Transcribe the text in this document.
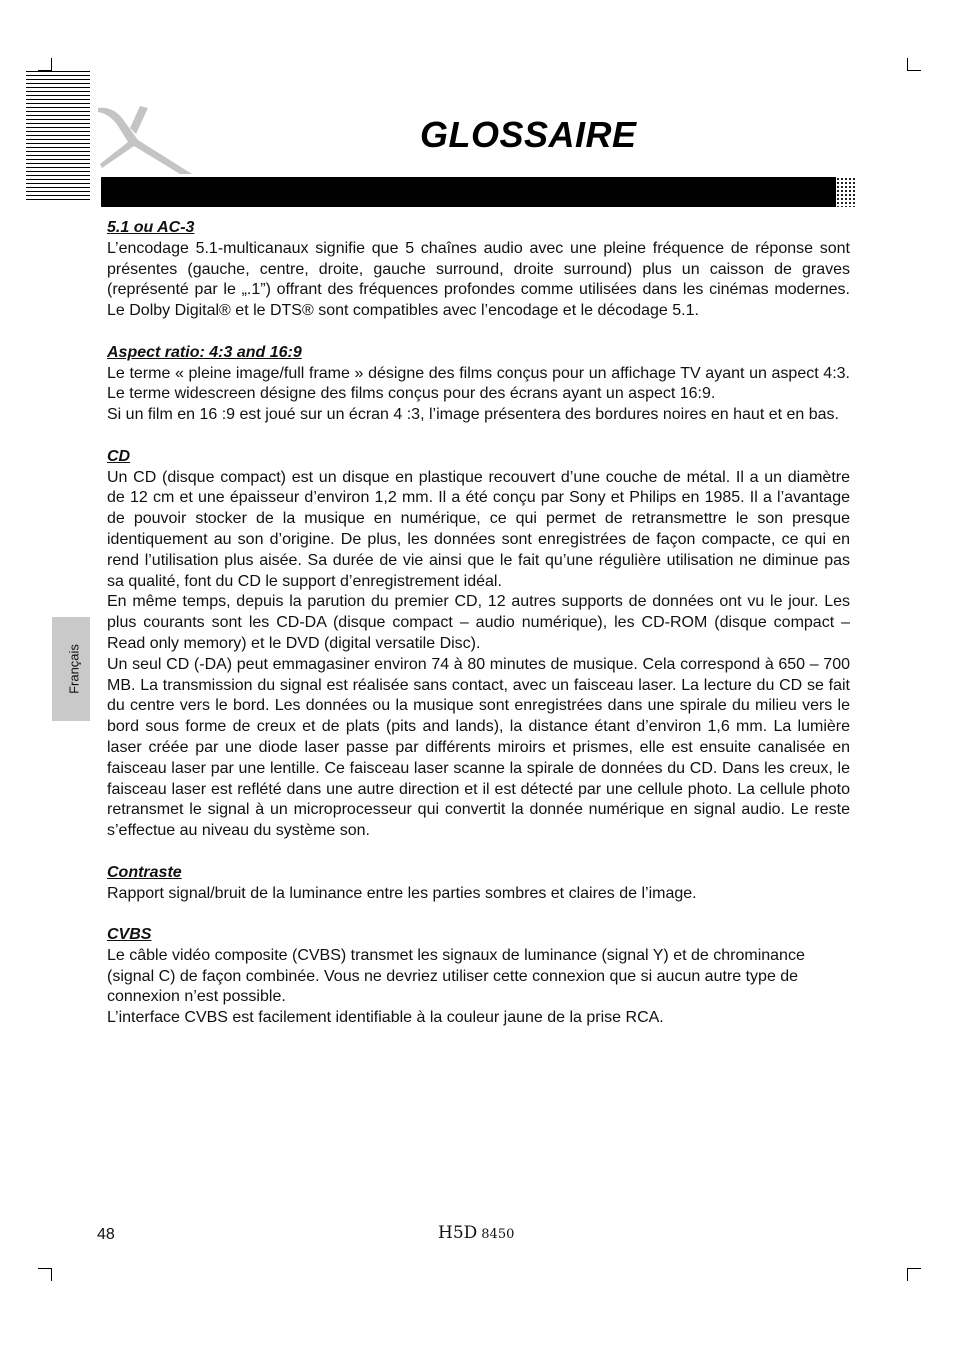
GLOSSAIRE
Français
5.1 ou AC-3

L’encodage 5.1-multicanaux signifie que 5 chaînes audio avec une pleine fréquence de réponse sont présentes (gauche, centre, droite, gauche surround, droite surround) plus un caisson de graves (représenté par le „.1”) offrant des fréquences profondes comme utilisées dans les cinémas modernes. Le Dolby Digital® et le DTS® sont compatibles avec l’encodage et le décodage 5.1.

Aspect ratio: 4:3 and 16:9

Le terme « pleine image/full frame » désigne des films conçus pour un affichage TV ayant un aspect 4:3. Le terme widescreen désigne des films conçus pour des écrans ayant un aspect 16:9.

Si un film en 16 :9 est joué sur un écran 4 :3, l’image présentera des bordures noires en haut et en bas.

CD

Un CD (disque compact) est un disque en plastique recouvert d’une couche de métal. Il a un diamètre de 12 cm et une épaisseur d’environ 1,2 mm. Il a été conçu par Sony et Philips en 1985. Il a l’avantage de pouvoir stocker de la musique en numérique, ce qui permet de retransmettre le son presque identiquement au son d’origine. De plus, les données sont enregistrées de façon compacte, ce qui en rend l’utilisation plus aisée. Sa durée de vie ainsi que le fait qu’une régulière utilisation ne diminue pas sa qualité, font du CD le support d’enregistrement idéal.

En même temps, depuis la parution du premier CD, 12 autres supports de données ont vu le jour. Les plus courants sont les CD-DA (disque compact – audio numérique), les CD-ROM (disque compact – Read only memory) et le DVD (digital versatile Disc).

Un seul CD (-DA) peut emmagasiner environ 74 à 80 minutes de musique. Cela correspond à 650 – 700 MB. La transmission du signal est réalisée sans contact, avec un faisceau laser. La lecture du CD se fait du centre vers le bord. Les données ou la musique sont enregistrées dans une spirale du milieu vers le bord sous forme de creux et de plats (pits and lands), la distance étant d’environ 1,6 mm. La lumière laser créée par une diode laser passe par différents miroirs et prismes, elle est ensuite canalisée en faisceau laser par une lentille. Ce faisceau laser scanne la spirale de données du CD. Dans les creux, le faisceau laser est reflété dans une autre direction et il est détecté par une cellule photo. La cellule photo retransmet le signal à un microprocesseur qui convertit la donnée numérique en signal audio. Le reste s’effectue au niveau du système son.

Contraste

Rapport signal/bruit de la luminance entre les parties sombres et claires de l’image.

CVBS

Le câble vidéo composite (CVBS) transmet les signaux de luminance (signal Y) et de chrominance (signal C) de façon combinée. Vous ne devriez utiliser cette connexion que si aucun autre type de connexion n’est possible.

L’interface CVBS est facilement identifiable à la couleur jaune de la prise RCA.

48	H5D 8450
